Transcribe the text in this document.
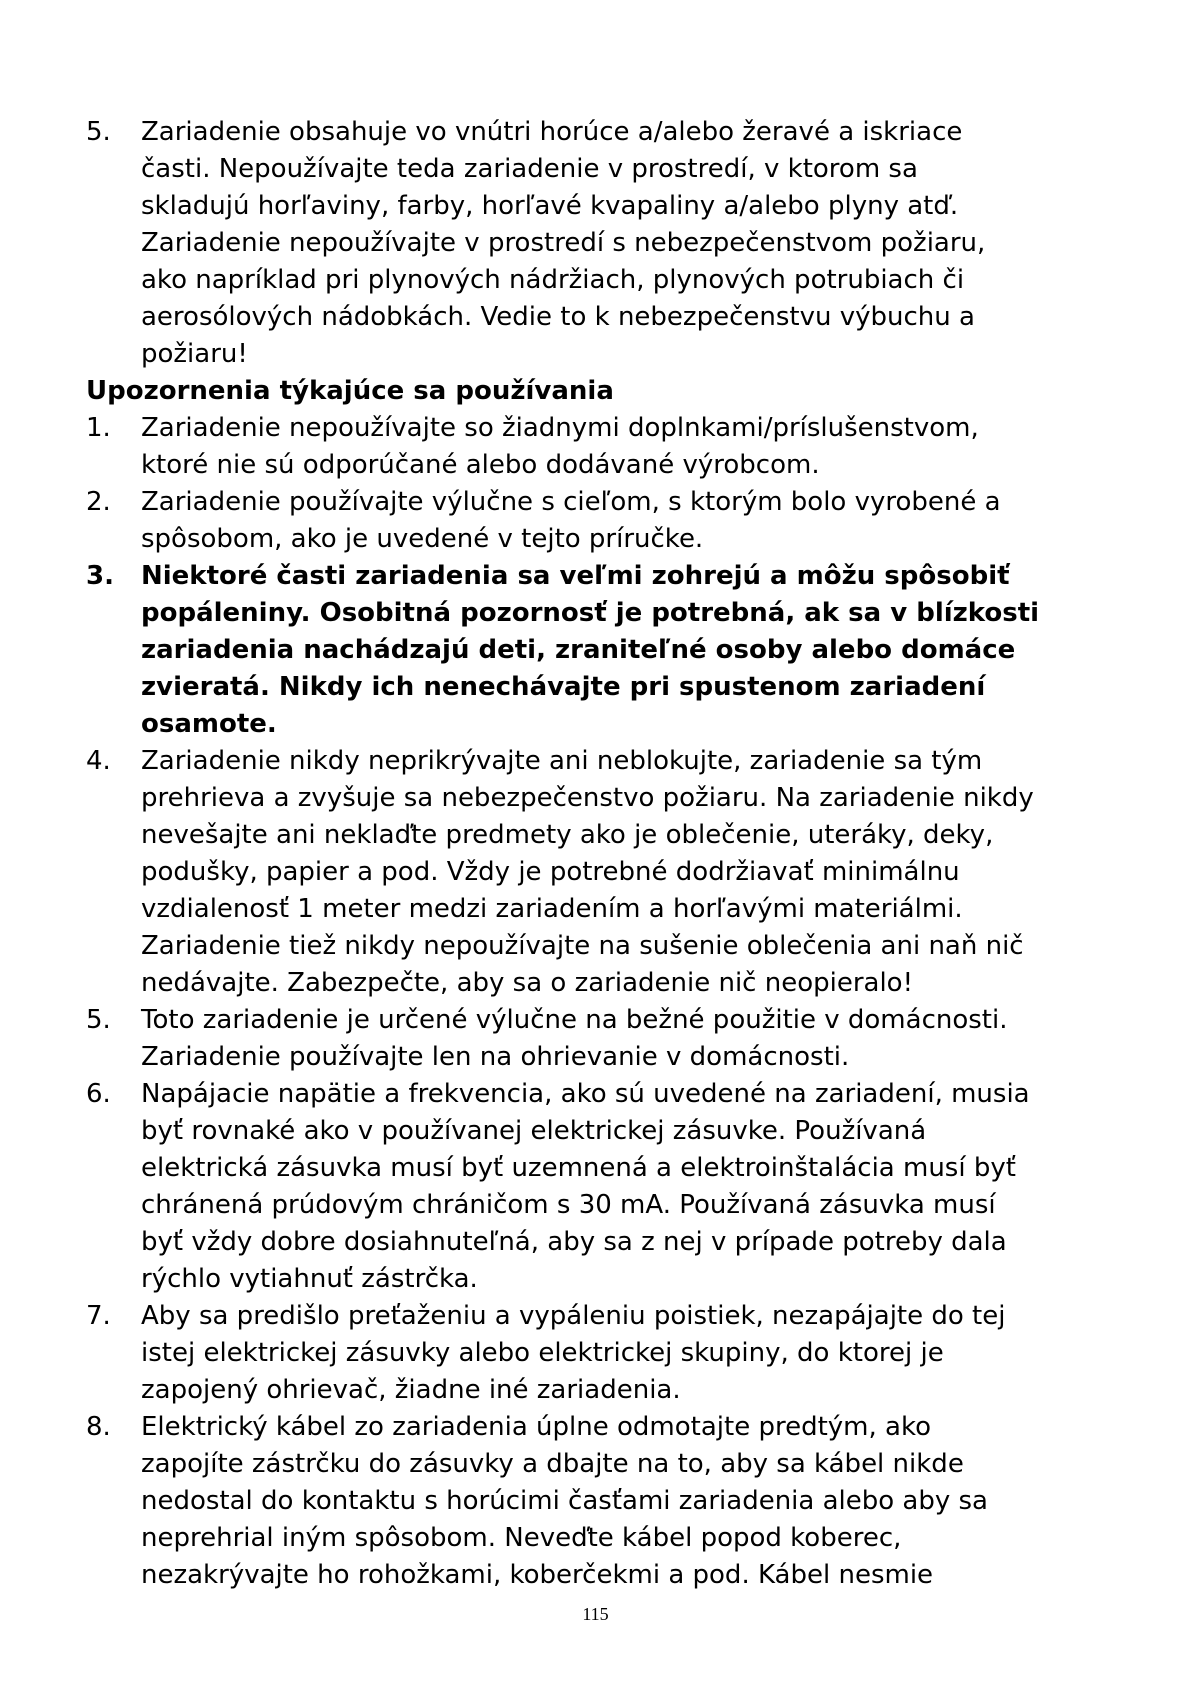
5. Zariadenie obsahuje vo vnútri horúce a/alebo žeravé a iskriace
časti. Nepoužívajte teda zariadenie v prostredí, v ktorom sa
skladujú horľaviny, farby, horľavé kvapaliny a/alebo plyny atď.
Zariadenie nepoužívajte v prostredí s nebezpečenstvom požiaru,
ako napríklad pri plynových nádržiach, plynových potrubiach či
aerosólových nádobkách. Vedie to k nebezpečenstvu výbuchu a
požiaru!
Upozornenia týkajúce sa používania
1. Zariadenie nepoužívajte so žiadnymi doplnkami/príslušenstvom,
ktoré nie sú odporúčané alebo dodávané výrobcom.
2. Zariadenie používajte výlučne s cieľom, s ktorým bolo vyrobené a
spôsobom, ako je uvedené v tejto príručke.
3. Niektoré časti zariadenia sa veľmi zohrejú a môžu spôsobiť
popáleniny. Osobitná pozornosť je potrebná, ak sa v blízkosti
zariadenia nachádzajú deti, zraniteľné osoby alebo domáce
zvieratá. Nikdy ich nenechávajte pri spustenom zariadení
osamote.
4. Zariadenie nikdy neprikrývajte ani neblokujte, zariadenie sa tým
prehrieva a zvyšuje sa nebezpečenstvo požiaru. Na zariadenie nikdy
nevešajte ani neklaďte predmety ako je oblečenie, uteráky, deky,
podušky, papier a pod. Vždy je potrebné dodržiavať minimálnu
vzdialenosť 1 meter medzi zariadením a horľavými materiálmi.
Zariadenie tiež nikdy nepoužívajte na sušenie oblečenia ani naň nič
nedávajte. Zabezpečte, aby sa o zariadenie nič neopieralo!
5. Toto zariadenie je určené výlučne na bežné použitie v domácnosti.
Zariadenie používajte len na ohrievanie v domácnosti.
6. Napájacie napätie a frekvencia, ako sú uvedené na zariadení, musia
byť rovnaké ako v používanej elektrickej zásuvke. Používaná
elektrická zásuvka musí byť uzemnená a elektroinštalácia musí byť
chránená prúdovým chráničom s 30 mA. Používaná zásuvka musí
byť vždy dobre dosiahnuteľná, aby sa z nej v prípade potreby dala
rýchlo vytiahnuť zástrčka.
7. Aby sa predišlo preťaženiu a vypáleniu poistiek, nezapájajte do tej
istej elektrickej zásuvky alebo elektrickej skupiny, do ktorej je
zapojený ohrievač, žiadne iné zariadenia.
8. Elektrický kábel zo zariadenia úplne odmotajte predtým, ako
zapojíte zástrčku do zásuvky a dbajte na to, aby sa kábel nikde
nedostal do kontaktu s horúcimi časťami zariadenia alebo aby sa
neprehrial iným spôsobom. Neveďte kábel popod koberec,
nezakrývajte ho rohožkami, koberčekmi a pod. Kábel nesmie
115
